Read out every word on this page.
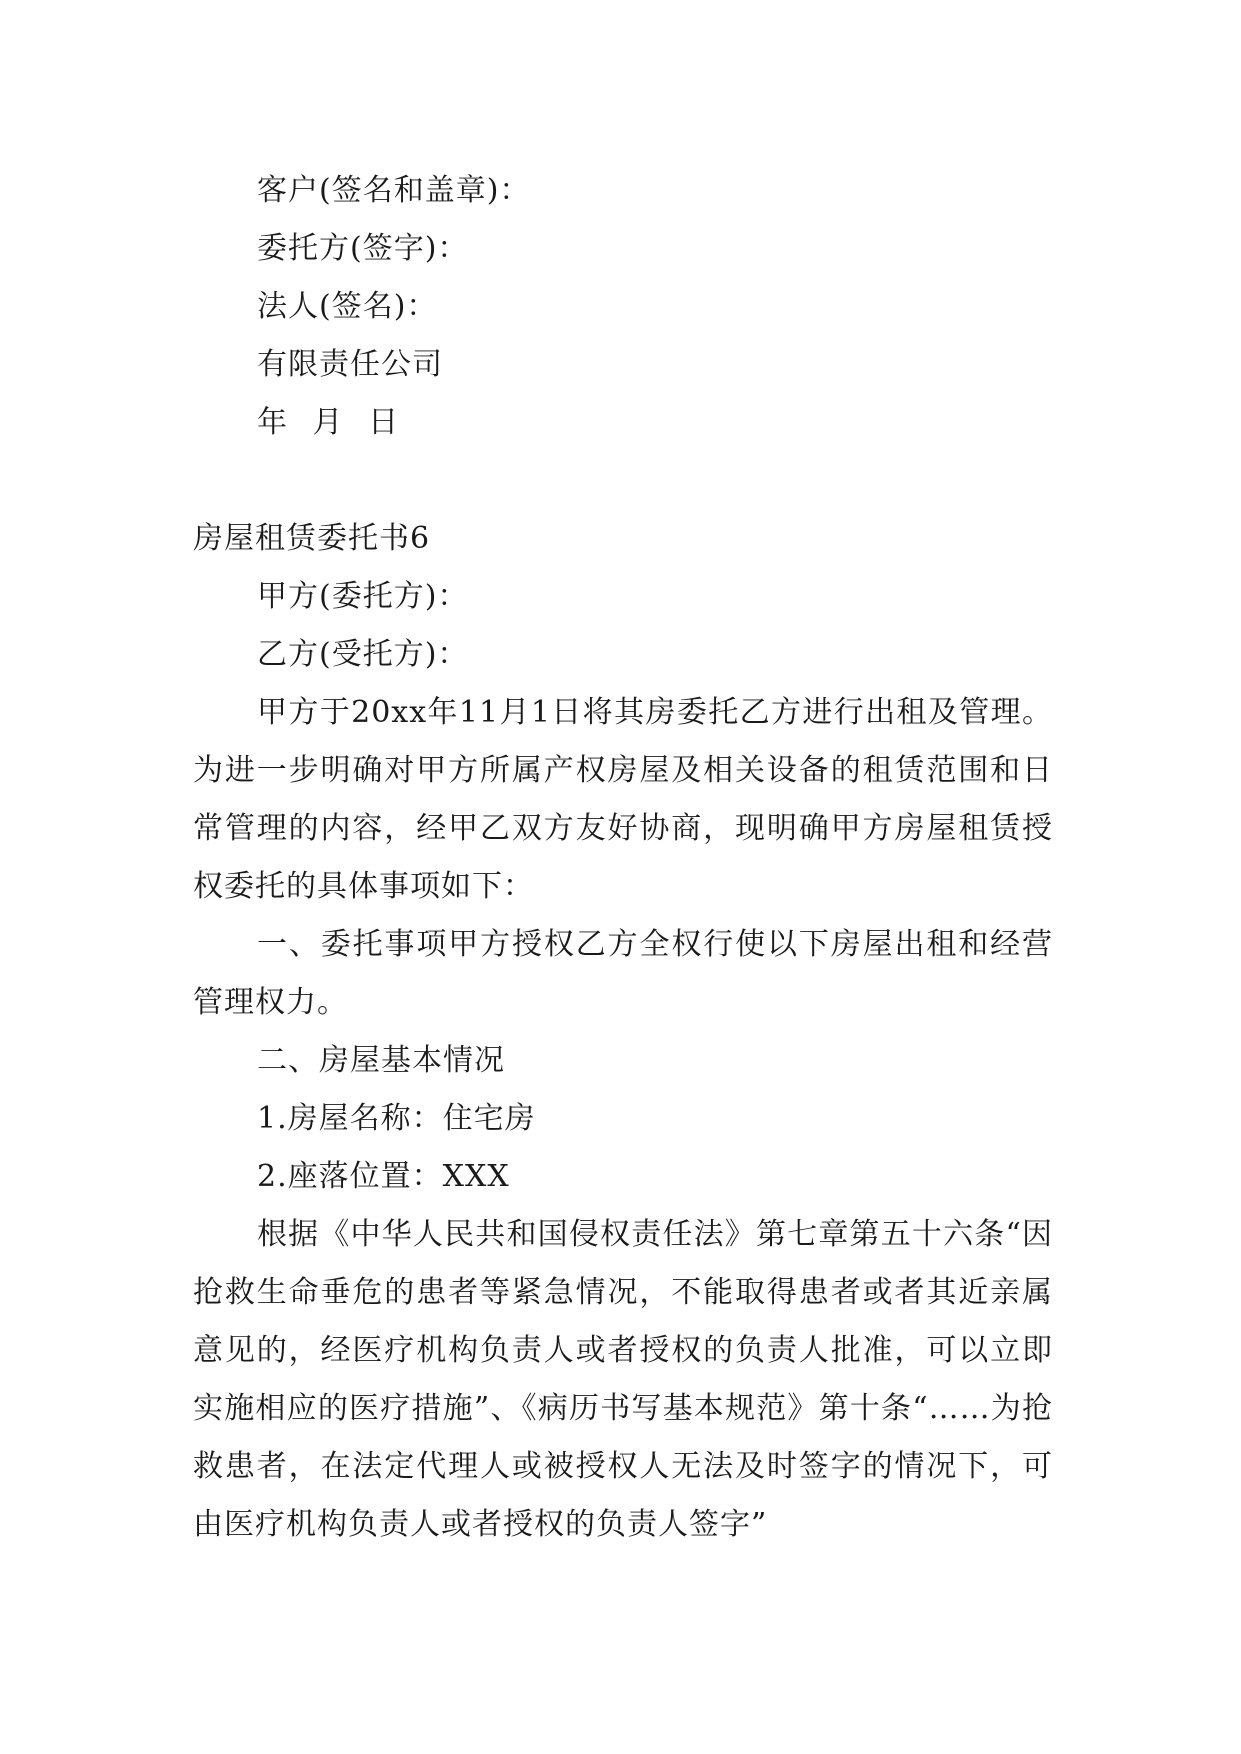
客户(签名和盖章)：

委托方(签字)：

法人(签名)：

有限责任公司

年 月 日

房屋租赁委托书6

甲方(委托方)：

乙方(受托方)：

甲方于20xx年11月1日将其房委托乙方进行出租及管理。为进一步明确对甲方所属产权房屋及相关设备的租赁范围和日常管理的内容，经甲乙双方友好协商，现明确甲方房屋租赁授权委托的具体事项如下：

一、委托事项甲方授权乙方全权行使以下房屋出租和经营管理权力。

二、房屋基本情况

1.房屋名称：住宅房

2.座落位置：XXX

根据《中华人民共和国侵权责任法》第七章第五十六条“因抢救生命垂危的患者等紧急情况，不能取得患者或者其近亲属意见的，经医疗机构负责人或者授权的负责人批准，可以立即实施相应的医疗措施”、《病历书写基本规范》第十条“……为抢救患者，在法定代理人或被授权人无法及时签字的情况下，可由医疗机构负责人或者授权的负责人签字”
